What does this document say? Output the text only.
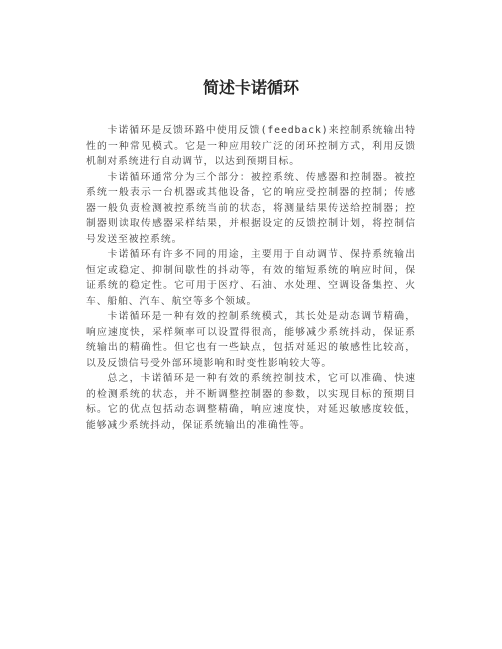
简述卡诺循环

卡诺循环是反馈环路中使用反馈(feedback)来控制系统输出特性的一种常见模式。它是一种应用较广泛的闭环控制方式，利用反馈机制对系统进行自动调节，以达到预期目标。

卡诺循环通常分为三个部分：被控系统、传感器和控制器。被控系统一般表示一台机器或其他设备，它的响应受控制器的控制；传感器一般负责检测被控系统当前的状态，将测量结果传送给控制器；控制器则读取传感器采样结果，并根据设定的反馈控制计划，将控制信号发送至被控系统。

卡诺循环有许多不同的用途，主要用于自动调节、保持系统输出恒定或稳定、抑制间歇性的抖动等，有效的缩短系统的响应时间，保证系统的稳定性。它可用于医疗、石油、水处理、空调设备集控、火车、船舶、汽车、航空等多个领域。

卡诺循环是一种有效的控制系统模式，其长处是动态调节精确，响应速度快，采样频率可以设置得很高，能够减少系统抖动，保证系统输出的精确性。但它也有一些缺点，包括对延迟的敏感性比较高，以及反馈信号受外部环境影响和时变性影响较大等。

总之，卡诺循环是一种有效的系统控制技术，它可以准确、快速的检测系统的状态，并不断调整控制器的参数，以实现目标的预期目标。它的优点包括动态调整精确，响应速度快，对延迟敏感度较低，能够减少系统抖动，保证系统输出的准确性等。
